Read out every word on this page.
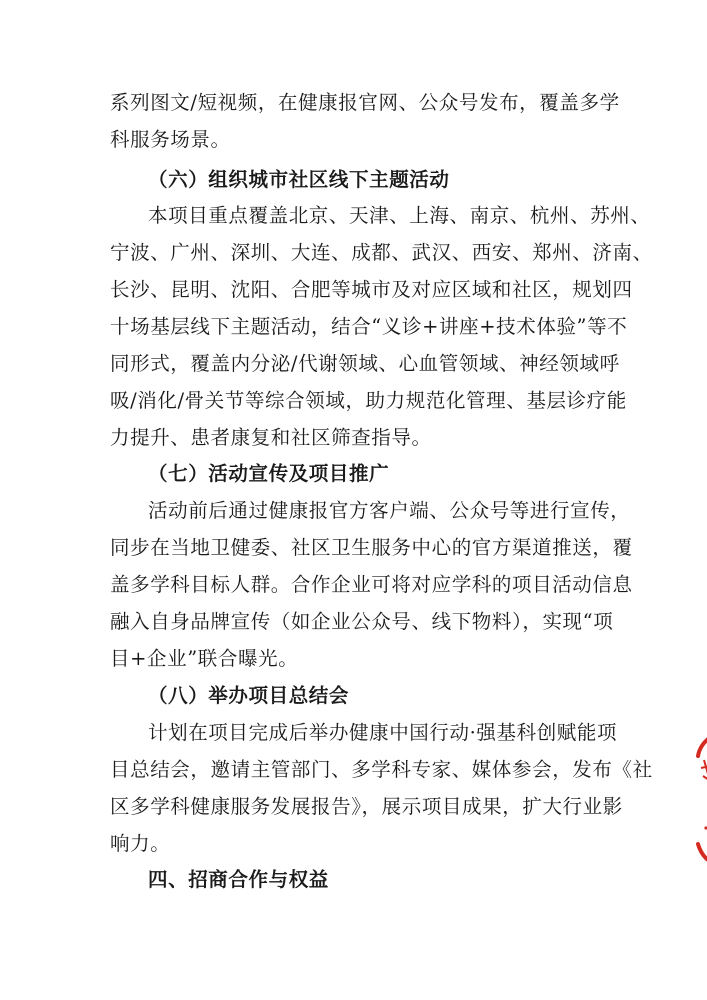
系列图文/短视频，在健康报官网、公众号发布，覆盖多学
科服务场景。
（六）组织城市社区线下主题活动
本项目重点覆盖北京、天津、上海、南京、杭州、苏州、
宁波、广州、深圳、大连、成都、武汉、西安、郑州、济南、
长沙、昆明、沈阳、合肥等城市及对应区域和社区，规划四
十场基层线下主题活动，结合“义诊+讲座+技术体验”等不
同形式，覆盖内分泌/代谢领域、心血管领域、神经领域呼
吸/消化/骨关节等综合领域，助力规范化管理、基层诊疗能
力提升、患者康复和社区筛查指导。
（七）活动宣传及项目推广
活动前后通过健康报官方客户端、公众号等进行宣传，
同步在当地卫健委、社区卫生服务中心的官方渠道推送，覆
盖多学科目标人群。合作企业可将对应学科的项目活动信息
融入自身品牌宣传（如企业公众号、线下物料），实现“项
目+企业”联合曝光。
（八）举办项目总结会
计划在项目完成后举办健康中国行动·强基科创赋能项
目总结会，邀请主管部门、多学科专家、媒体参会，发布《社
区多学科健康服务发展报告》，展示项目成果，扩大行业影
响力。
四、招商合作与权益
